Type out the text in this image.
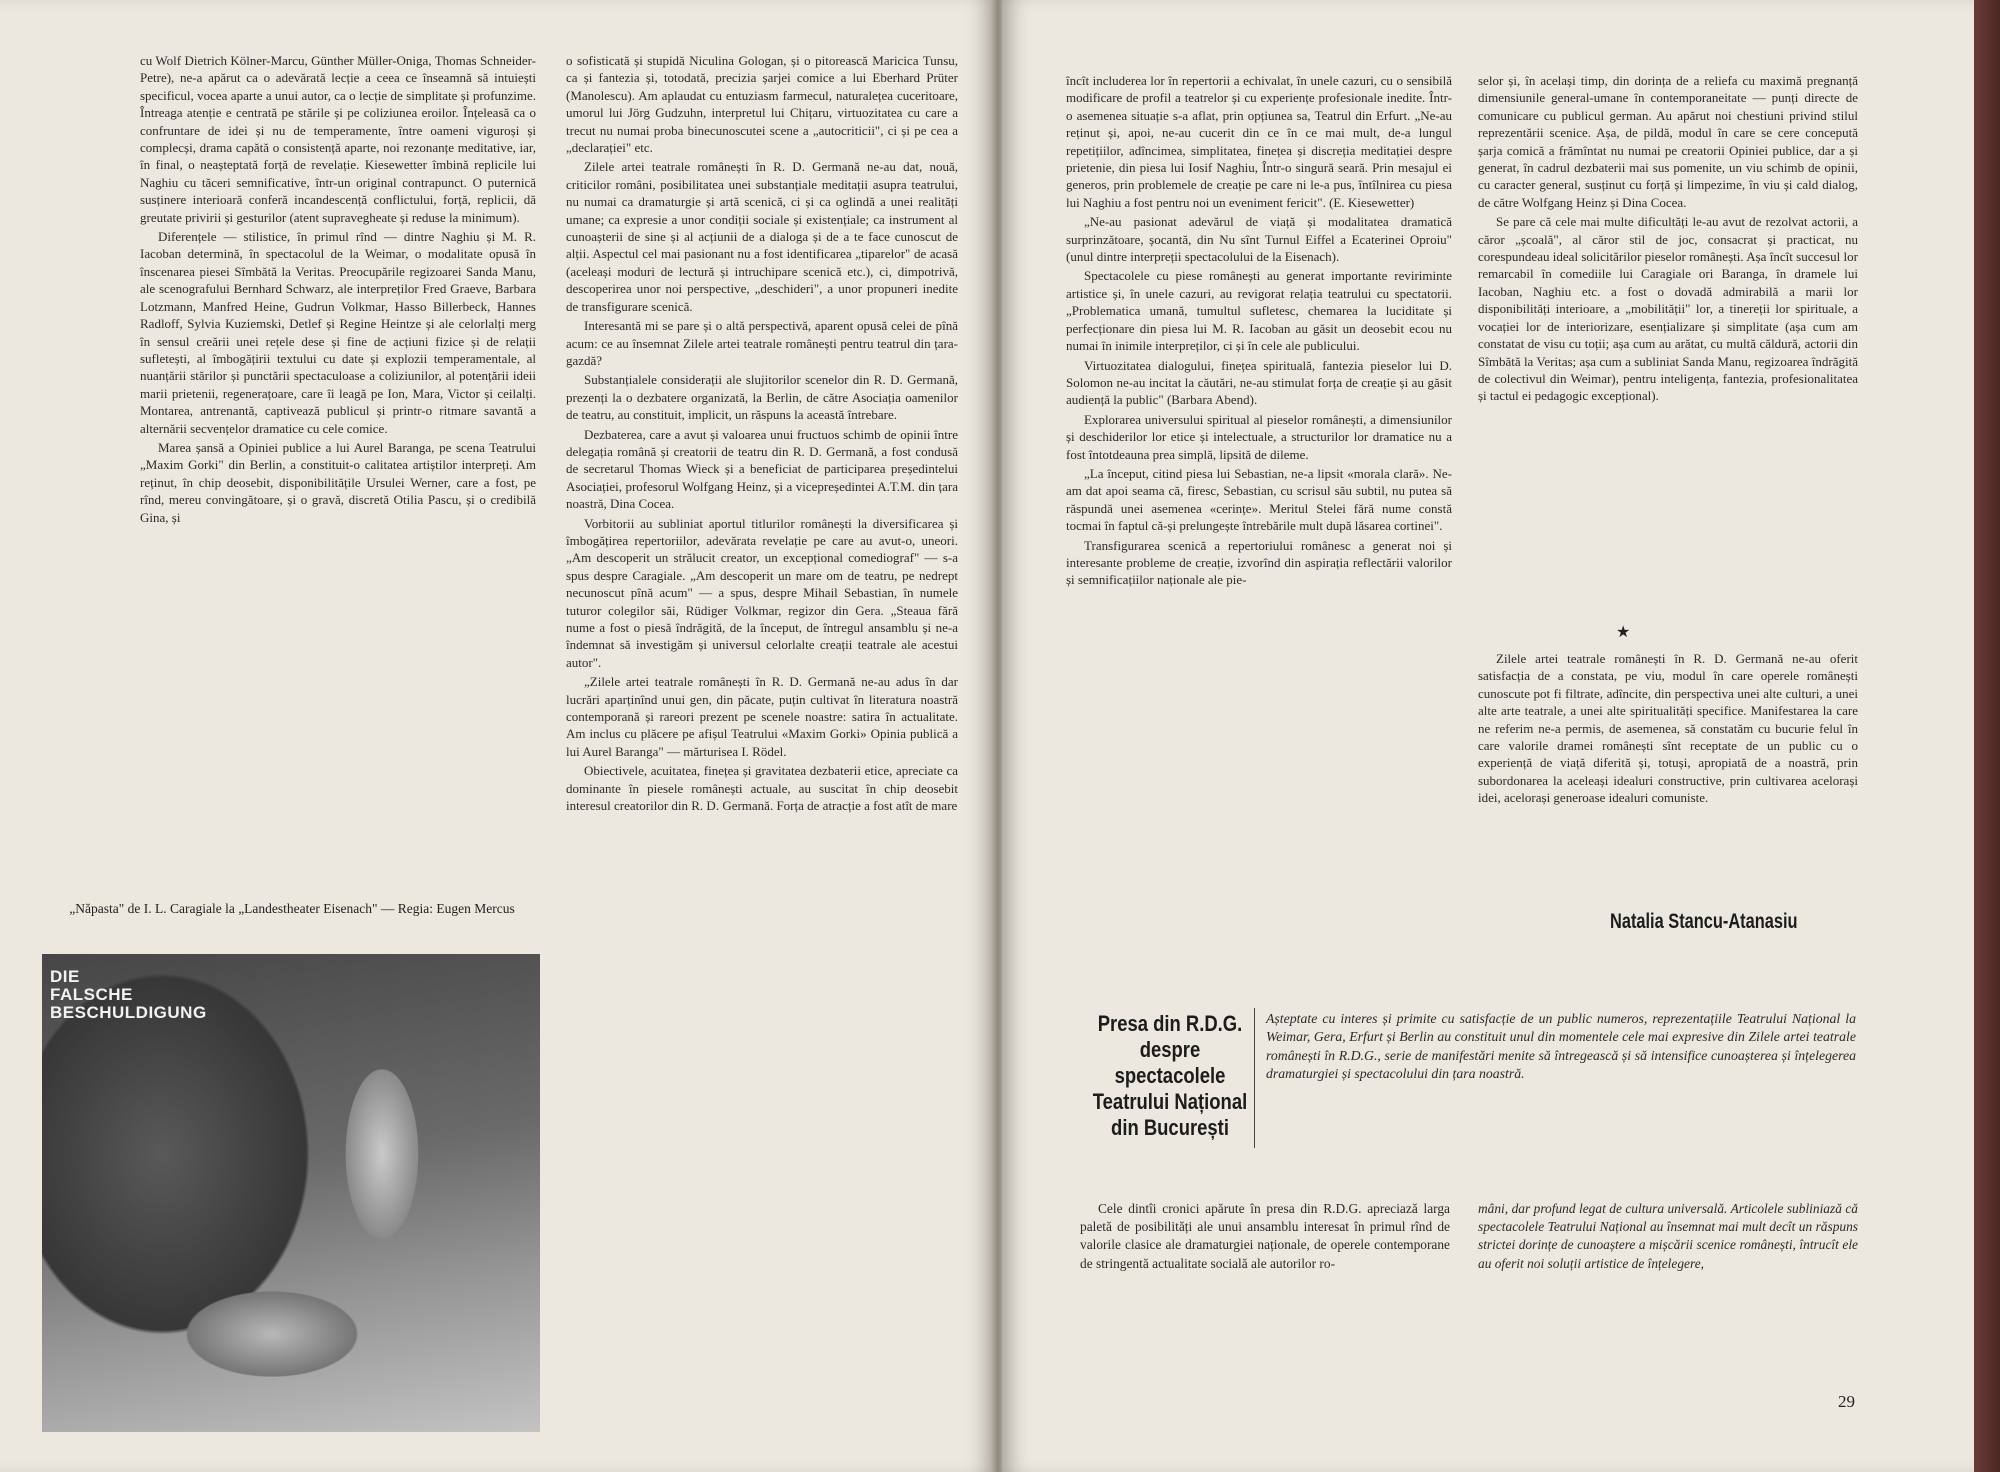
cu Wolf Dietrich Kölner-Marcu, Günther Müller-Oniga, Thomas Schneider-Petre), ne-a apărut ca o adevărată lecție a ceea ce înseamnă să intuiești specificul, vocea aparte a unui autor, ca o lecție de simplitate și profunzime. Întreaga atenție e centrată pe stările și pe coliziunea eroilor. Înțeleasă ca o confruntare de idei și nu de temperamente, între oameni viguroși și complecși, drama capătă o consistență aparte, noi rezonanțe meditative, iar, în final, o neașteptată forță de revelație. Kiesewetter îmbină replicile lui Naghiu cu tăceri semnificative, într-un original contrapunct. O puternică susținere interioară conferă incandescență conflictului, forță, replicii, dă greutate privirii și gesturilor (atent supravegheate și reduse la minimum).

Diferențele — stilistice, în primul rînd — dintre Naghiu și M. R. Iacoban determină, în spectacolul de la Weimar, o modalitate opusă în înscenarea piesei Sîmbătă la Veritas. Preocupările regizoarei Sanda Manu, ale scenografului Bernhard Schwarz, ale interpreților Fred Graeve, Barbara Lotzmann, Manfred Heine, Gudrun Volkmar, Hasso Billerbeck, Hannes Radloff, Sylvia Kuziemski, Detlef și Regine Heintze și ale celorlalți merg în sensul creării unei rețele dese și fine de acțiuni fizice și de relații sufletești, al îmbogățirii textului cu date și explozii temperamentale, al nuanțării stărilor și punctării spectaculoase a coliziunilor, al potențării ideii marii prietenii, regenerațoare, care îi leagă pe Ion, Mara, Victor și ceilalți. Montarea, antrenantă, captivează publicul și printr-o ritmare savantă a alternării secvențelor dramatice cu cele comice.

Marea șansă a Opiniei publice a lui Aurel Baranga, pe scena Teatrului „Maxim Gorki" din Berlin, a constituit-o calitatea artiștilor interpreți. Am reținut, în chip deosebit, disponibilitățile Ursulei Werner, care a fost, pe rînd, mereu convingătoare, și o gravă, discretă Otilia Pascu, și o credibilă Gina, și

„Năpasta" de I. L. Caragiale la „Landestheater Eisenach" — Regia: Eugen Mercus
DIE
FALSCHE
BESCHULDIGUNG

o sofisticată și stupidă Niculina Gologan, și o pitorească Maricica Tunsu, ca și fantezia și, totodată, precizia șarjei comice a lui Eberhard Prüter (Manolescu). Am aplaudat cu entuziasm farmecul, naturalețea cuceritoare, umorul lui Jörg Gudzuhn, interpretul lui Chițaru, virtuozitatea cu care a trecut nu numai proba binecunoscutei scene a „autocriticii", ci și pe cea a „declarației" etc.

Zilele artei teatrale românești în R. D. Germană ne-au dat, nouă, criticilor români, posibilitatea unei substanțiale meditații asupra teatrului, nu numai ca dramaturgie și artă scenică, ci și ca oglindă a unei realități umane; ca expresie a unor condiții sociale și existențiale; ca instrument al cunoașterii de sine și al acțiunii de a dialoga și de a te face cunoscut de alții. Aspectul cel mai pasionant nu a fost identificarea „tiparelor" de acasă (aceleași moduri de lectură și intruchipare scenică etc.), ci, dimpotrivă, descoperirea unor noi perspective, „deschideri", a unor propuneri inedite de transfigurare scenică.

Interesantă mi se pare și o altă perspectivă, aparent opusă celei de pînă acum: ce au însemnat Zilele artei teatrale românești pentru teatrul din țara-gazdă?

Substanțialele considerații ale slujitorilor scenelor din R. D. Germană, prezenți la o dezbatere organizată, la Berlin, de către Asociația oamenilor de teatru, au constituit, implicit, un răspuns la această întrebare.

Dezbaterea, care a avut și valoarea unui fructuos schimb de opinii între delegația română și creatorii de teatru din R. D. Germană, a fost condusă de secretarul Thomas Wieck și a beneficiat de participarea președintelui Asociației, profesorul Wolfgang Heinz, și a vicepreședintei A.T.M. din țara noastră, Dina Cocea.

Vorbitorii au subliniat aportul titlurilor românești la diversificarea și îmbogățirea repertoriilor, adevărata revelație pe care au avut-o, uneori. „Am descoperit un strălucit creator, un excepțional comediograf" — s-a spus despre Caragiale. „Am descoperit un mare om de teatru, pe nedrept necunoscut pînă acum" — a spus, despre Mihail Sebastian, în numele tuturor colegilor săi, Rüdiger Volkmar, regizor din Gera. „Steaua fără nume a fost o piesă îndrăgită, de la început, de întregul ansamblu și ne-a îndemnat să investigăm și universul celorlalte creații teatrale ale acestui autor".

„Zilele artei teatrale românești în R. D. Germană ne-au adus în dar lucrări aparținînd unui gen, din păcate, puțin cultivat în literatura noastră contemporană și rareori prezent pe scenele noastre: satira în actualitate. Am inclus cu plăcere pe afișul Teatrului «Maxim Gorki» Opinia publică a lui Aurel Baranga" — mărturisea I. Rödel.

Obiectivele, acuitatea, finețea și gravitatea dezbaterii etice, apreciate ca dominante în piesele românești actuale, au suscitat în chip deosebit interesul creatorilor din R. D. Germană. Forța de atracție a fost atît de mare

încît includerea lor în repertorii a echivalat, în unele cazuri, cu o sensibilă modificare de profil a teatrelor și cu experiențe profesionale inedite. Într-o asemenea situație s-a aflat, prin opțiunea sa, Teatrul din Erfurt. „Ne-au reținut și, apoi, ne-au cucerit din ce în ce mai mult, de-a lungul repetițiilor, adîncimea, simplitatea, finețea și discreția meditației despre prietenie, din piesa lui Iosif Naghiu, Într-o singură seară. Prin mesajul ei generos, prin problemele de creație pe care ni le-a pus, întîlnirea cu piesa lui Naghiu a fost pentru noi un eveniment fericit". (E. Kiesewetter)

„Ne-au pasionat adevărul de viață și modalitatea dramatică surprinzătoare, șocantă, din Nu sînt Turnul Eiffel a Ecaterinei Oproiu" (unul dintre interpreții spectacolului de la Eisenach).

Spectacolele cu piese românești au generat importante reviriminte artistice și, în unele cazuri, au revigorat relația teatrului cu spectatorii. „Problematica umană, tumultul sufletesc, chemarea la luciditate și perfecționare din piesa lui M. R. Iacoban au găsit un deosebit ecou nu numai în inimile interpreților, ci și în cele ale publicului.

Virtuozitatea dialogului, finețea spirituală, fantezia pieselor lui D. Solomon ne-au incitat la căutări, ne-au stimulat forța de creație și au găsit audiență la public" (Barbara Abend).

Explorarea universului spiritual al pieselor românești, a dimensiunilor și deschiderilor lor etice și intelectuale, a structurilor lor dramatice nu a fost întotdeauna prea simplă, lipsită de dileme.

„La început, citind piesa lui Sebastian, ne-a lipsit «morala clară». Ne-am dat apoi seama că, firesc, Sebastian, cu scrisul său subtil, nu putea să răspundă unei asemenea «cerințe». Meritul Stelei fără nume constă tocmai în faptul că-și prelungește întrebările mult după lăsarea cortinei".

Transfigurarea scenică a repertoriului românesc a generat noi și interesante probleme de creație, izvorînd din aspirația reflectării valorilor și semnificațiilor naționale ale pie-

selor și, în același timp, din dorința de a reliefa cu maximă pregnanță dimensiunile general-umane în contemporaneitate — punți directe de comunicare cu publicul german. Au apărut noi chestiuni privind stilul reprezentării scenice. Așa, de pildă, modul în care se cere concepută șarja comică a frămîntat nu numai pe creatorii Opiniei publice, dar a și generat, în cadrul dezbaterii mai sus pomenite, un viu schimb de opinii, cu caracter general, susținut cu forță și limpezime, în viu și cald dialog, de către Wolfgang Heinz și Dina Cocea.

Se pare că cele mai multe dificultăți le-au avut de rezolvat actorii, a căror „școală", al căror stil de joc, consacrat și practicat, nu corespundeau ideal solicitărilor pieselor românești. Așa încît succesul lor remarcabil în comediile lui Caragiale ori Baranga, în dramele lui Iacoban, Naghiu etc. a fost o dovadă admirabilă a marii lor disponibilități interioare, a „mobilității" lor, a tinereții lor spirituale, a vocației lor de interiorizare, esențializare și simplitate (așa cum am constatat de visu cu toții; așa cum au arătat, cu multă căldură, actorii din Sîmbătă la Veritas; așa cum a subliniat Sanda Manu, regizoarea îndrăgită de colectivul din Weimar), pentru inteligența, fantezia, profesionalitatea și tactul ei pedagogic excepțional).

★

Zilele artei teatrale românești în R. D. Germană ne-au oferit satisfacția de a constata, pe viu, modul în care operele românești cunoscute pot fi filtrate, adîncite, din perspectiva unei alte culturi, a unei alte arte teatrale, a unei alte spiritualități specifice. Manifestarea la care ne referim ne-a permis, de asemenea, să constatăm cu bucurie felul în care valorile dramei românești sînt receptate de un public cu o experiență de viață diferită și, totuși, apropiată de a noastră, prin subordonarea la aceleași idealuri constructive, prin cultivarea acelorași idei, acelorași generoase idealuri comuniste.

Natalia Stancu-Atanasiu
Presa din R.D.G.
despre
spectacolele
Teatrului Național
din București
Așteptate cu interes și primite cu satisfacție de un public numeros, reprezentațiile Teatrului Național la Weimar, Gera, Erfurt și Berlin au constituit unul din momentele cele mai expresive din Zilele artei teatrale românești în R.D.G., serie de manifestări menite să întregească și să intensifice cunoașterea și înțelegerea dramaturgiei și spectacolului din țara noastră.

Cele dintîi cronici apărute în presa din R.D.G. apreciază larga paletă de posibilități ale unui ansamblu interesat în primul rînd de valorile clasice ale dramaturgiei naționale, de operele contemporane de stringentă actualitate socială ale autorilor ro-

mâni, dar profund legat de cultura universală. Articolele subliniază că spectacolele Teatrului Național au însemnat mai mult decît un răspuns strictei dorințe de cunoaștere a mișcării scenice românești, întrucît ele au oferit noi soluții artistice de înțelegere,

29
